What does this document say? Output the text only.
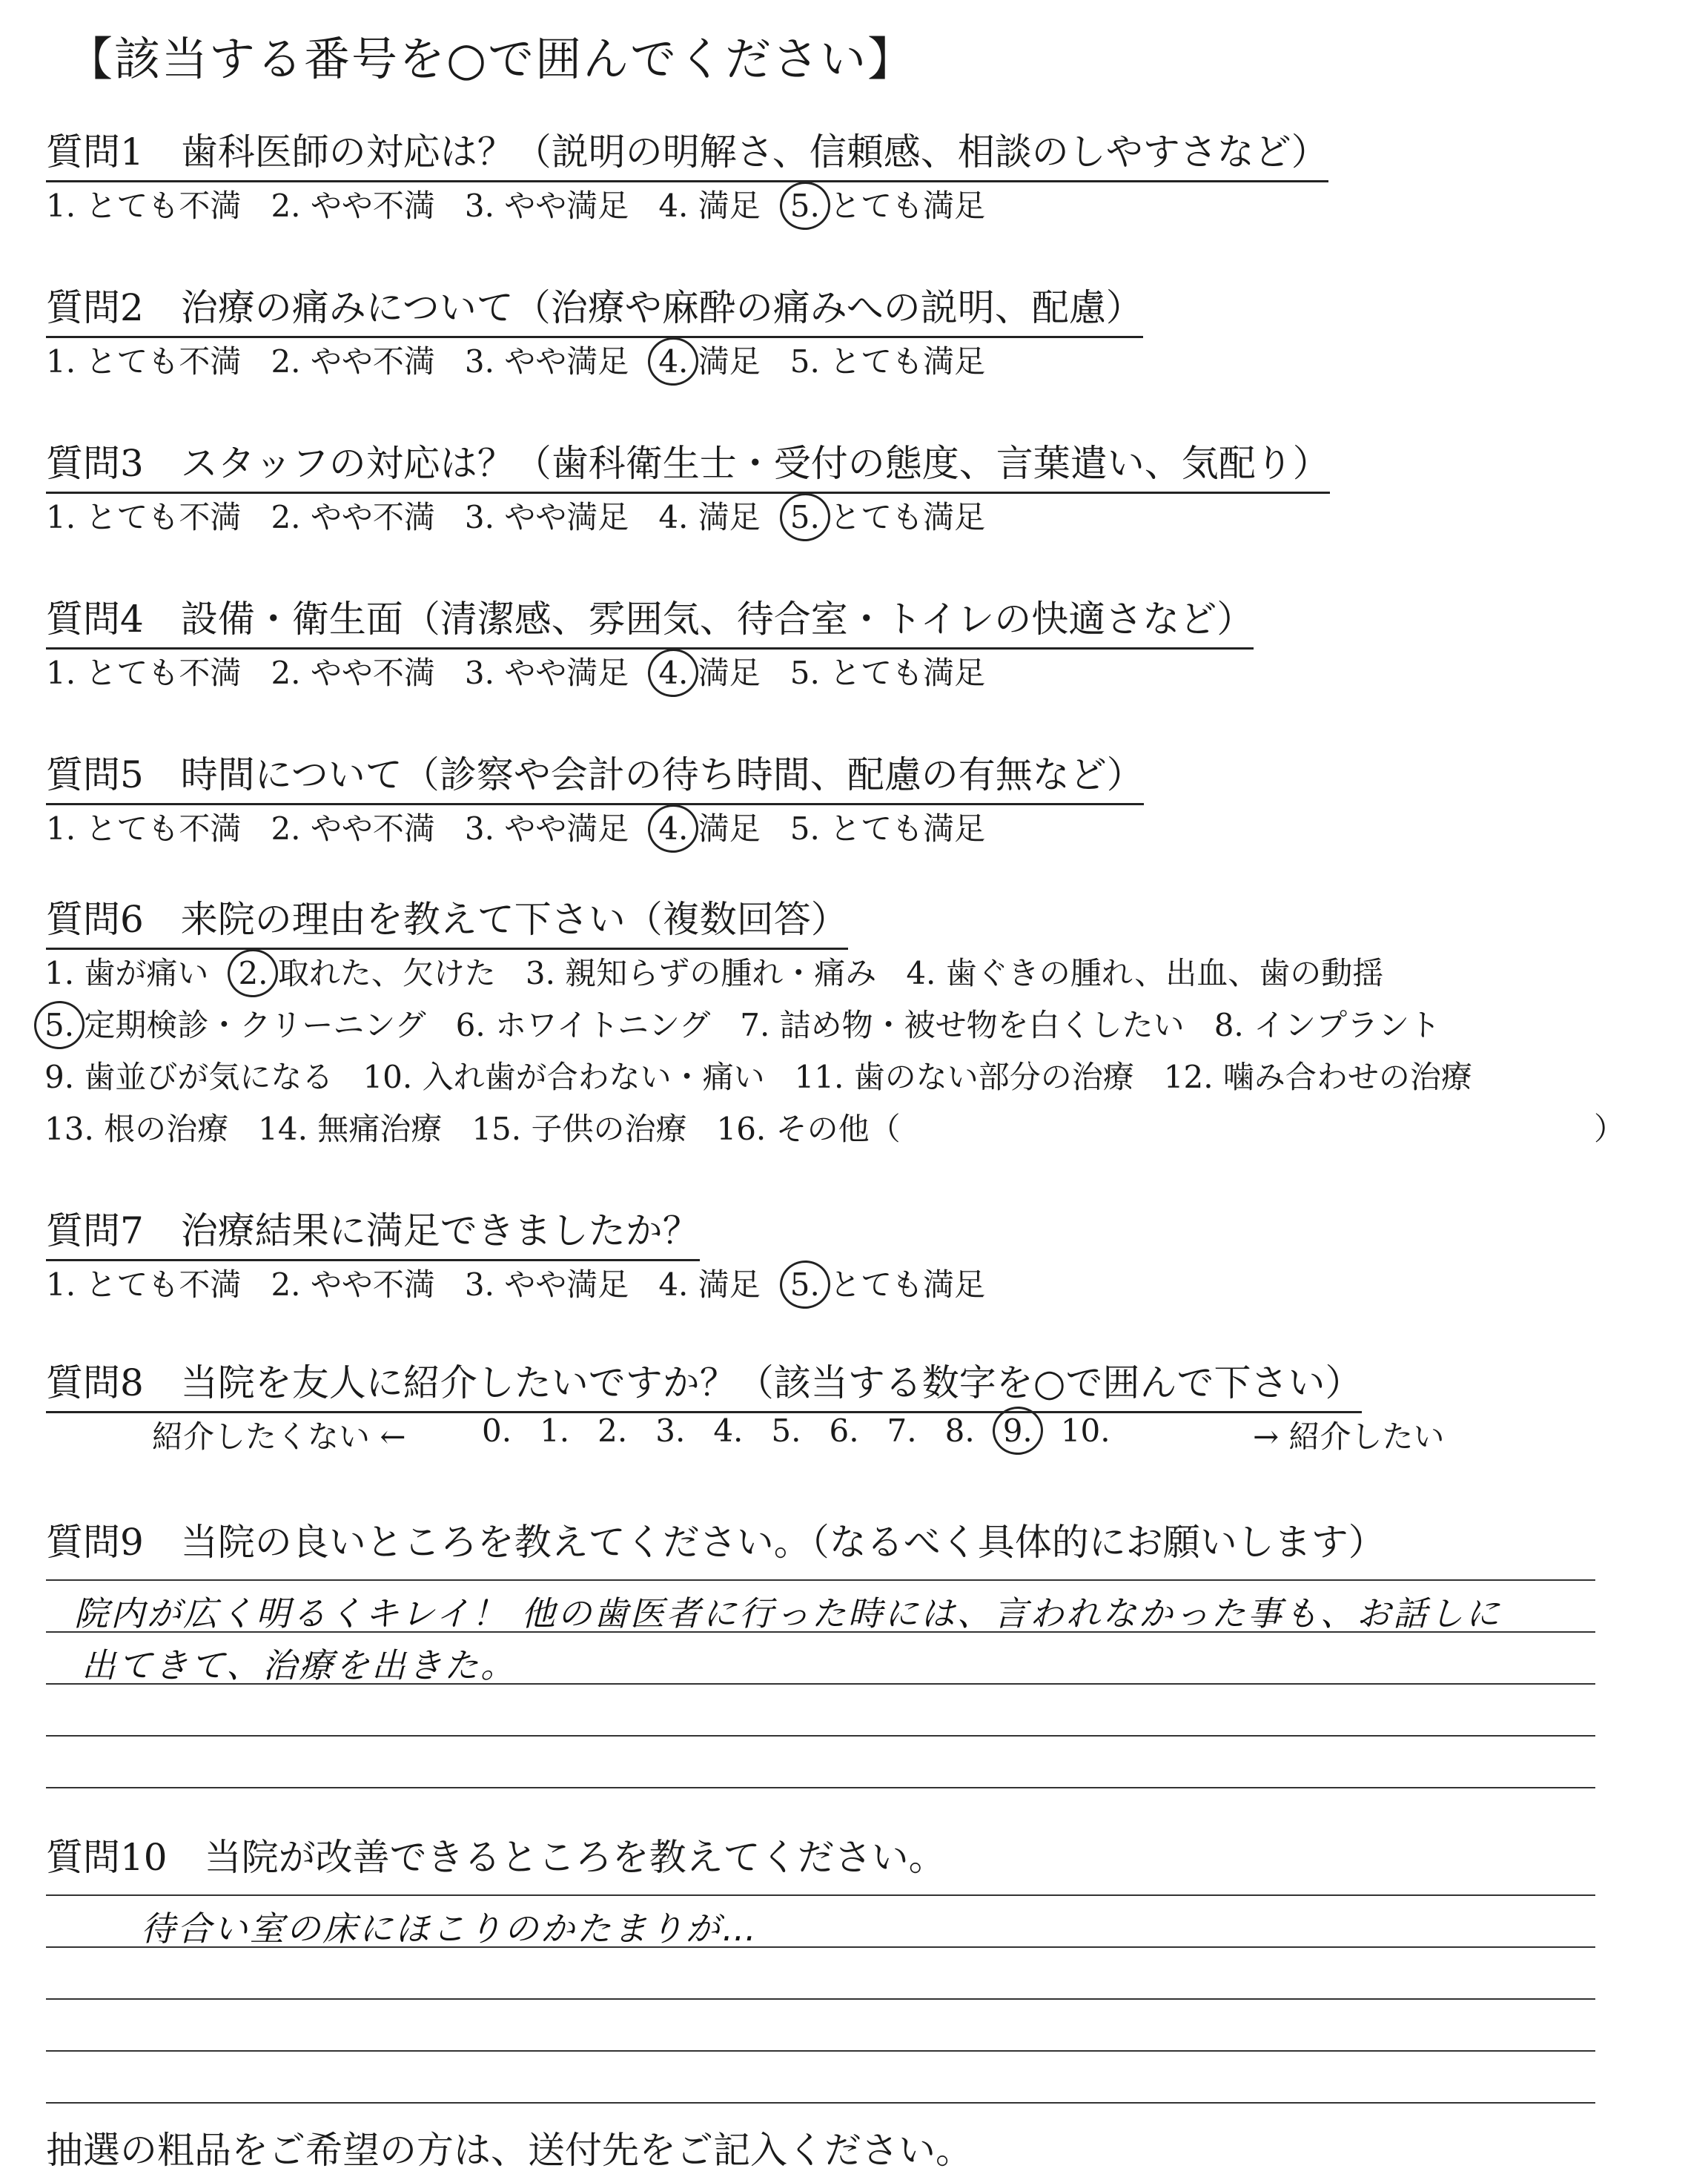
【該当する番号を○で囲んでください】
質問1　歯科医師の対応は？（説明の明解さ、信頼感、相談のしやすさなど）
1. とても不満 2. やや不満 3. やや満足 4. 満足 5. とても満足
質問2　治療の痛みについて（治療や麻酔の痛みへの説明、配慮）
1. とても不満 2. やや不満 3. やや満足 4. 満足 5. とても満足
質問3　スタッフの対応は？（歯科衛生士・受付の態度、言葉遣い、気配り）
1. とても不満 2. やや不満 3. やや満足 4. 満足 5. とても満足
質問4　設備・衛生面（清潔感、雰囲気、待合室・トイレの快適さなど）
1. とても不満 2. やや不満 3. やや満足 4. 満足 5. とても満足
質問5　時間について（診察や会計の待ち時間、配慮の有無など）
1. とても不満 2. やや不満 3. やや満足 4. 満足 5. とても満足
質問6　来院の理由を教えて下さい（複数回答）
1. 歯が痛い 2. 取れた、欠けた 3. 親知らずの腫れ・痛み 4. 歯ぐきの腫れ、出血、歯の動揺
5. 定期検診・クリーニング 6. ホワイトニング 7. 詰め物・被せ物を白くしたい 8. インプラント
9. 歯並びが気になる 10. 入れ歯が合わない・痛い 11. 歯のない部分の治療 12. 噛み合わせの治療
13. 根の治療 14. 無痛治療 15. 子供の治療 16. その他（	）
質問7　治療結果に満足できましたか？
1. とても不満 2. やや不満 3. やや満足 4. 満足 5. とても満足
質問8　当院を友人に紹介したいですか？（該当する数字を○で囲んで下さい）
紹介したくない ← 0. 1. 2. 3. 4. 5. 6. 7. 8. 9. 10.	→ 紹介したい
質問9　当院の良いところを教えてください。（なるべく具体的にお願いします）
院内が広く明るくキレイ！ 他の歯医者に行った時には、言われなかった事も、お話しに
出てきて、治療を出きた。
質問10　当院が改善できるところを教えてください。
待合い室の床にほこりのかたまりが…
抽選の粗品をご希望の方は、送付先をご記入ください。
